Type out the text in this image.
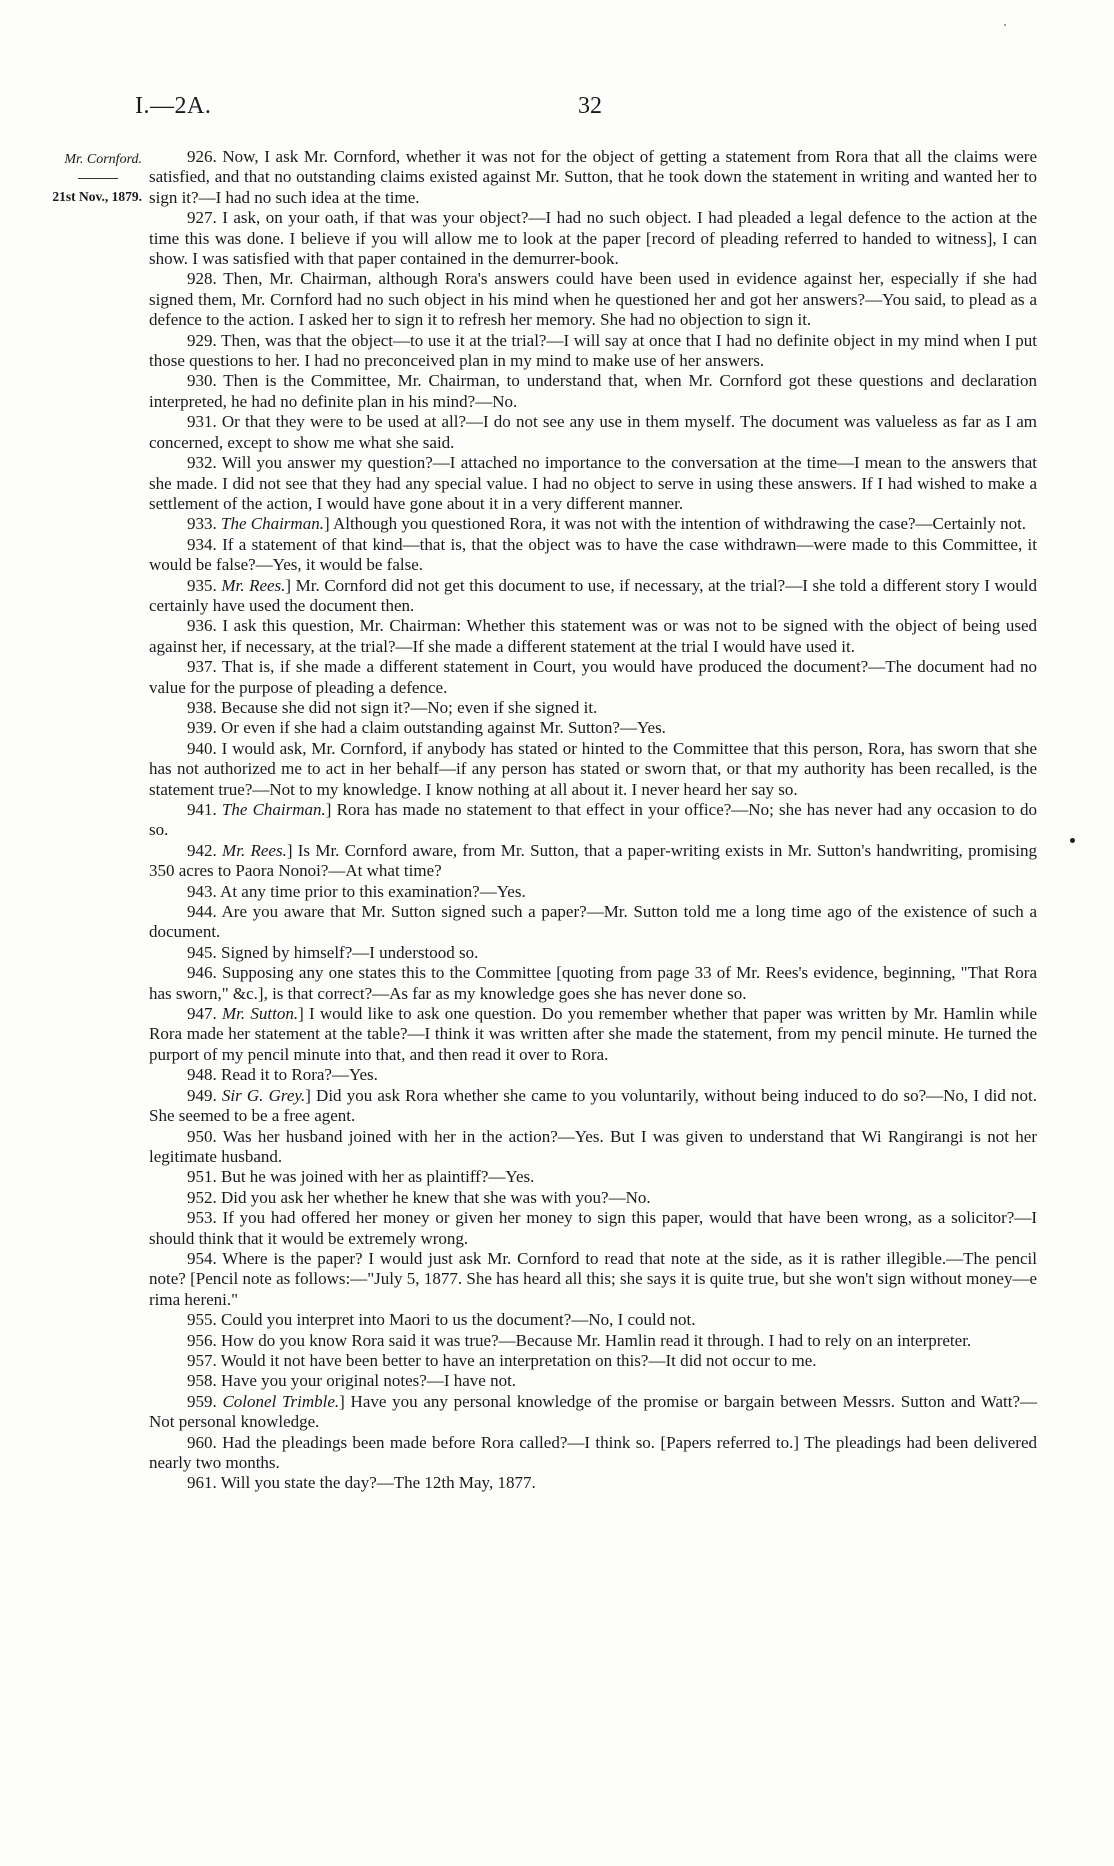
I.—2A.	32
Mr. Cornford.
21st Nov., 1879.

926. Now, I ask Mr. Cornford, whether it was not for the object of getting a statement from Rora that all the claims were satisfied, and that no outstanding claims existed against Mr. Sutton, that he took down the statement in writing and wanted her to sign it?—I had no such idea at the time.

927. I ask, on your oath, if that was your object?—I had no such object. I had pleaded a legal defence to the action at the time this was done. I believe if you will allow me to look at the paper [record of pleading referred to handed to witness], I can show. I was satisfied with that paper contained in the demurrer-book.

928. Then, Mr. Chairman, although Rora's answers could have been used in evidence against her, especially if she had signed them, Mr. Cornford had no such object in his mind when he questioned her and got her answers?—You said, to plead as a defence to the action. I asked her to sign it to refresh her memory. She had no objection to sign it.

929. Then, was that the object—to use it at the trial?—I will say at once that I had no definite object in my mind when I put those questions to her. I had no preconceived plan in my mind to make use of her answers.

930. Then is the Committee, Mr. Chairman, to understand that, when Mr. Cornford got these questions and declaration interpreted, he had no definite plan in his mind?—No.

931. Or that they were to be used at all?—I do not see any use in them myself. The document was valueless as far as I am concerned, except to show me what she said.

932. Will you answer my question?—I attached no importance to the conversation at the time—I mean to the answers that she made. I did not see that they had any special value. I had no object to serve in using these answers. If I had wished to make a settlement of the action, I would have gone about it in a very different manner.

933. The Chairman.] Although you questioned Rora, it was not with the intention of withdrawing the case?—Certainly not.

934. If a statement of that kind—that is, that the object was to have the case withdrawn—were made to this Committee, it would be false?—Yes, it would be false.

935. Mr. Rees.] Mr. Cornford did not get this document to use, if necessary, at the trial?—I she told a different story I would certainly have used the document then.

936. I ask this question, Mr. Chairman: Whether this statement was or was not to be signed with the object of being used against her, if necessary, at the trial?—If she made a different statement at the trial I would have used it.

937. That is, if she made a different statement in Court, you would have produced the document?—The document had no value for the purpose of pleading a defence.

938. Because she did not sign it?—No; even if she signed it.

939. Or even if she had a claim outstanding against Mr. Sutton?—Yes.

940. I would ask, Mr. Cornford, if anybody has stated or hinted to the Committee that this person, Rora, has sworn that she has not authorized me to act in her behalf—if any person has stated or sworn that, or that my authority has been recalled, is the statement true?—Not to my knowledge. I know nothing at all about it. I never heard her say so.

941. The Chairman.] Rora has made no statement to that effect in your office?—No; she has never had any occasion to do so.

942. Mr. Rees.] Is Mr. Cornford aware, from Mr. Sutton, that a paper-writing exists in Mr. Sutton's handwriting, promising 350 acres to Paora Nonoi?—At what time?

943. At any time prior to this examination?—Yes.

944. Are you aware that Mr. Sutton signed such a paper?—Mr. Sutton told me a long time ago of the existence of such a document.

945. Signed by himself?—I understood so.

946. Supposing any one states this to the Committee [quoting from page 33 of Mr. Rees's evidence, beginning, "That Rora has sworn," &c.], is that correct?—As far as my knowledge goes she has never done so.

947. Mr. Sutton.] I would like to ask one question. Do you remember whether that paper was written by Mr. Hamlin while Rora made her statement at the table?—I think it was written after she made the statement, from my pencil minute. He turned the purport of my pencil minute into that, and then read it over to Rora.

948. Read it to Rora?—Yes.

949. Sir G. Grey.] Did you ask Rora whether she came to you voluntarily, without being induced to do so?—No, I did not. She seemed to be a free agent.

950. Was her husband joined with her in the action?—Yes. But I was given to understand that Wi Rangirangi is not her legitimate husband.

951. But he was joined with her as plaintiff?—Yes.

952. Did you ask her whether he knew that she was with you?—No.

953. If you had offered her money or given her money to sign this paper, would that have been wrong, as a solicitor?—I should think that it would be extremely wrong.

954. Where is the paper? I would just ask Mr. Cornford to read that note at the side, as it is rather illegible.—The pencil note? [Pencil note as follows:—"July 5, 1877. She has heard all this; she says it is quite true, but she won't sign without money—e rima hereni."

955. Could you interpret into Maori to us the document?—No, I could not.

956. How do you know Rora said it was true?—Because Mr. Hamlin read it through. I had to rely on an interpreter.

957. Would it not have been better to have an interpretation on this?—It did not occur to me.

958. Have you your original notes?—I have not.

959. Colonel Trimble.] Have you any personal knowledge of the promise or bargain between Messrs. Sutton and Watt?—Not personal knowledge.

960. Had the pleadings been made before Rora called?—I think so. [Papers referred to.] The pleadings had been delivered nearly two months.

961. Will you state the day?—The 12th May, 1877.
